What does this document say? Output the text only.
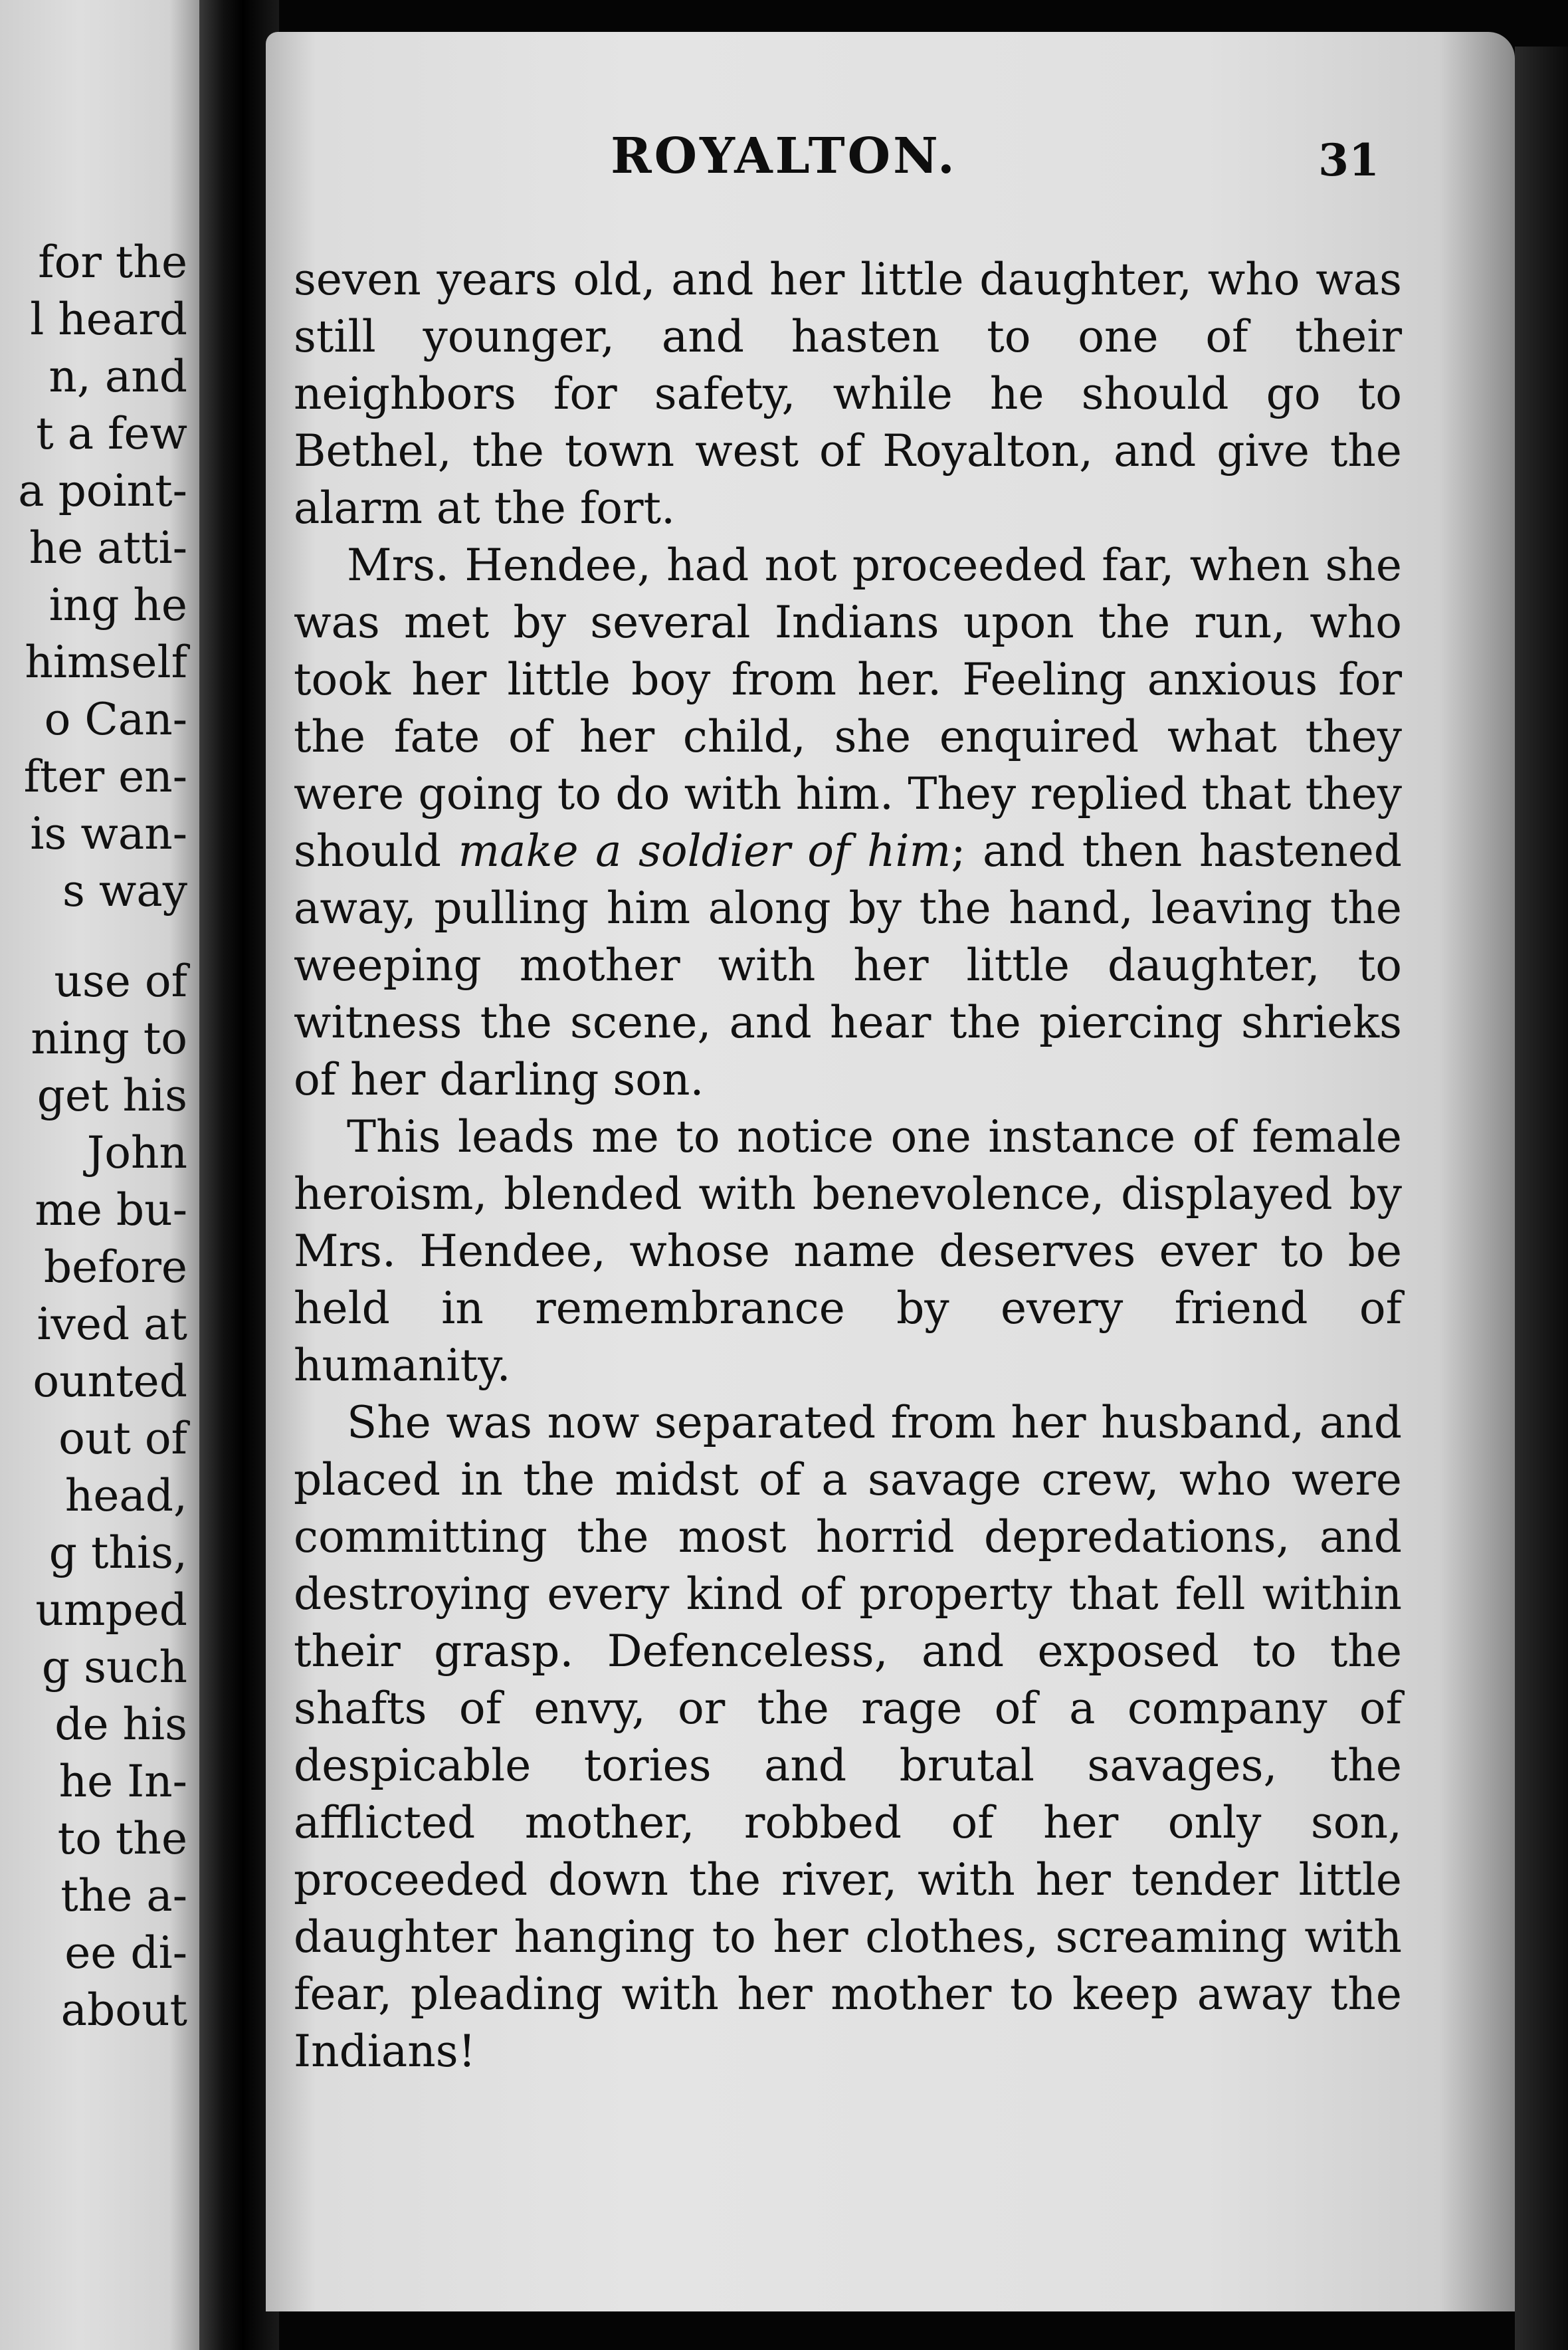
for the
l heard
n, and
t a few
a point-
he atti-
ing he
himself
o Can-
fter en-
is wan-
s way
use of
ning to
get his
John
me bu-
before
ived at
ounted
out of
head,
g this,
umped
g such
de his
he In-
to the
the a-
ee di-
about
ROYALTON.	31

seven years old, and her little daughter, who was still younger, and hasten to one of their neighbors for safety, while he should go to Bethel, the town west of Royalton, and give the alarm at the fort.

Mrs. Hendee, had not proceeded far, when she was met by several Indians upon the run, who took her little boy from her. Feeling anxious for the fate of her child, she enquired what they were going to do with him. They replied that they should make a soldier of him; and then hastened away, pulling him along by the hand, leaving the weeping mother with her little daughter, to witness the scene, and hear the piercing shrieks of her darling son.

This leads me to notice one instance of female heroism, blended with benevolence, displayed by Mrs. Hendee, whose name deserves ever to be held in remembrance by every friend of humanity.

She was now separated from her husband, and placed in the midst of a savage crew, who were committing the most horrid depredations, and destroying every kind of property that fell within their grasp. Defenceless, and exposed to the shafts of envy, or the rage of a company of despicable tories and brutal savages, the afflicted mother, robbed of her only son, proceeded down the river, with her tender little daughter hanging to her clothes, screaming with fear, pleading with her mother to keep away the Indians!
